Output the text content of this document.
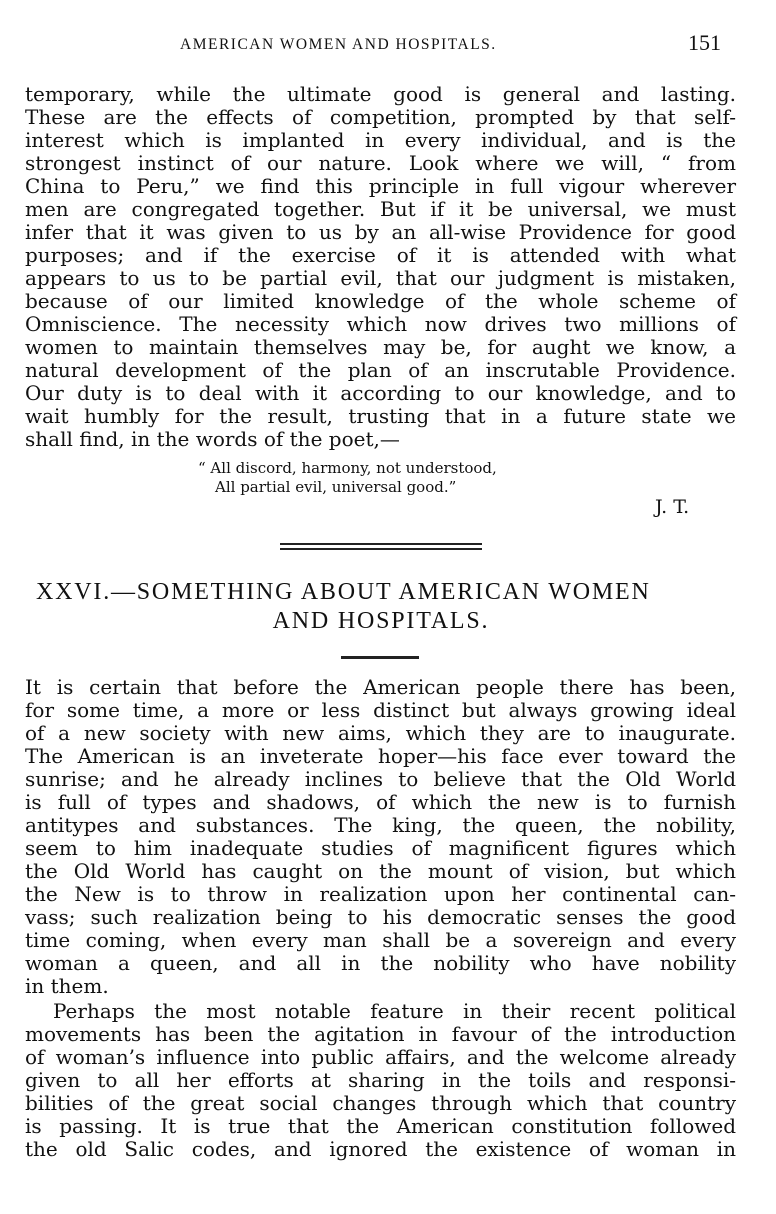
AMERICAN WOMEN AND HOSPITALS.	151
temporary, while the ultimate good is general and lasting.
These are the effects of competition, prompted by that self-
interest which is implanted in every individual, and is the
strongest instinct of our nature. Look where we will, “ from
China to Peru,” we find this principle in full vigour wherever
men are congregated together. But if it be universal, we must
infer that it was given to us by an all-wise Providence for good
purposes; and if the exercise of it is attended with what
appears to us to be partial evil, that our judgment is mistaken,
because of our limited knowledge of the whole scheme of
Omniscience. The necessity which now drives two millions of
women to maintain themselves may be, for aught we know, a
natural development of the plan of an inscrutable Providence.
Our duty is to deal with it according to our knowledge, and to
wait humbly for the result, trusting that in a future state we
shall find, in the words of the poet,—
“ All discord, harmony, not understood,
All partial evil, universal good.”
J. T.
XXVI.—SOMETHING ABOUT AMERICAN WOMEN
AND HOSPITALS.
It is certain that before the American people there has been,
for some time, a more or less distinct but always growing ideal
of a new society with new aims, which they are to inaugurate.
The American is an inveterate hoper—his face ever toward the
sunrise; and he already inclines to believe that the Old World
is full of types and shadows, of which the new is to furnish
antitypes and substances. The king, the queen, the nobility,
seem to him inadequate studies of magnificent figures which
the Old World has caught on the mount of vision, but which
the New is to throw in realization upon her continental can-
vass; such realization being to his democratic senses the good
time coming, when every man shall be a sovereign and every
woman a queen, and all in the nobility who have nobility
in them.
Perhaps the most notable feature in their recent political
movements has been the agitation in favour of the introduction
of woman’s influence into public affairs, and the welcome already
given to all her efforts at sharing in the toils and responsi-
bilities of the great social changes through which that country
is passing. It is true that the American constitution followed
the old Salic codes, and ignored the existence of woman in
